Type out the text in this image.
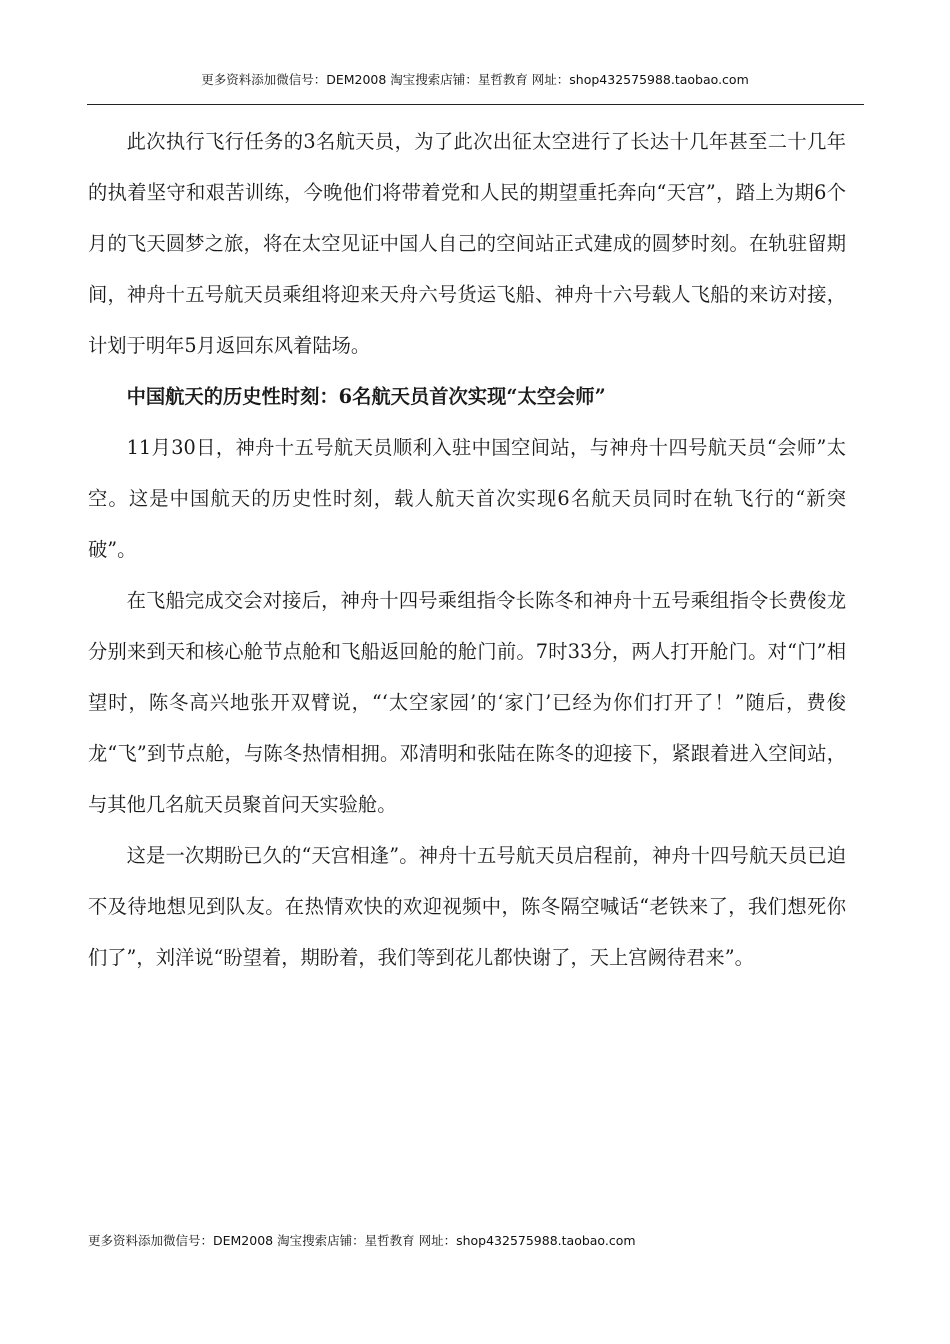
更多资料添加微信号：DEM2008 淘宝搜索店铺：星哲教育 网址：shop432575988.taobao.com

此次执行飞行任务的3名航天员，为了此次出征太空进行了长达十几年甚至二十几年的执着坚守和艰苦训练，今晚他们将带着党和人民的期望重托奔向“天宫”，踏上为期6个月的飞天圆梦之旅，将在太空见证中国人自己的空间站正式建成的圆梦时刻。在轨驻留期间，神舟十五号航天员乘组将迎来天舟六号货运飞船、神舟十六号载人飞船的来访对接，计划于明年5月返回东风着陆场。

中国航天的历史性时刻：6名航天员首次实现“太空会师”

11月30日，神舟十五号航天员顺利入驻中国空间站，与神舟十四号航天员“会师”太空。这是中国航天的历史性时刻，载人航天首次实现6名航天员同时在轨飞行的“新突破”。

在飞船完成交会对接后，神舟十四号乘组指令长陈冬和神舟十五号乘组指令长费俊龙分别来到天和核心舱节点舱和飞船返回舱的舱门前。7时33分，两人打开舱门。对“门”相望时，陈冬高兴地张开双臂说，“‘太空家园’的‘家门’已经为你们打开了！”随后，费俊龙“飞”到节点舱，与陈冬热情相拥。邓清明和张陆在陈冬的迎接下，紧跟着进入空间站，与其他几名航天员聚首问天实验舱。

这是一次期盼已久的“天宫相逢”。神舟十五号航天员启程前，神舟十四号航天员已迫不及待地想见到队友。在热情欢快的欢迎视频中，陈冬隔空喊话“老铁来了，我们想死你们了”，刘洋说“盼望着，期盼着，我们等到花儿都快谢了，天上宫阙待君来”。

更多资料添加微信号：DEM2008 淘宝搜索店铺：星哲教育 网址：shop432575988.taobao.com
